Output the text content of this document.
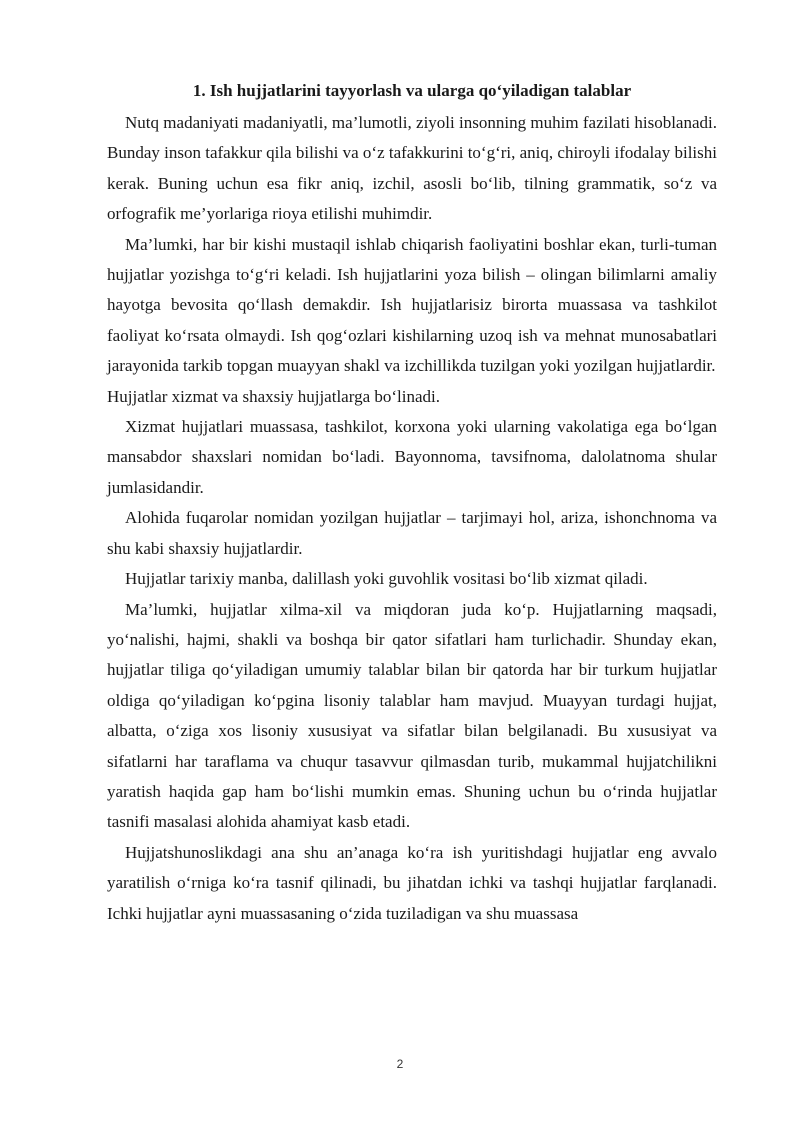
1. Ish hujjatlarini tayyorlash va ularga qo‘yiladigan talablar

Nutq madaniyati madaniyatli, ma’lumotli, ziyoli insonning muhim fazilati hisoblanadi. Bunday inson tafakkur qila bilishi va o‘z tafakkurini to‘g‘ri, aniq, chiroyli ifodalay bilishi kerak. Buning uchun esa fikr aniq, izchil, asosli bo‘lib, tilning grammatik, so‘z va orfografik me’yorlariga rioya etilishi muhimdir.

Ma’lumki, har bir kishi mustaqil ishlab chiqarish faoliyatini boshlar ekan, turli-tuman hujjatlar yozishga to‘g‘ri keladi. Ish hujjatlarini yoza bilish – olingan bilimlarni amaliy hayotga bevosita qo‘llash demakdir. Ish hujjatlarisiz birorta muassasa va tashkilot faoliyat ko‘rsata olmaydi. Ish qog‘ozlari kishilarning uzoq ish va mehnat munosabatlari jarayonida tarkib topgan muayyan shakl va izchillikda tuzilgan yoki yozilgan hujjatlardir.

Hujjatlar xizmat va shaxsiy hujjatlarga bo‘linadi.

Xizmat hujjatlari muassasa, tashkilot, korxona yoki ularning vakolatiga ega bo‘lgan mansabdor shaxslari nomidan bo‘ladi. Bayonnoma, tavsifnoma, dalolatnoma shular jumlasidandir.

Alohida fuqarolar nomidan yozilgan hujjatlar – tarjimayi hol, ariza, ishonchnoma va shu kabi shaxsiy hujjatlardir.

Hujjatlar tarixiy manba, dalillash yoki guvohlik vositasi bo‘lib xizmat qiladi.

Ma’lumki, hujjatlar xilma-xil va miqdoran juda ko‘p. Hujjatlarning maqsadi, yo‘nalishi, hajmi, shakli va boshqa bir qator sifatlari ham turlichadir. Shunday ekan, hujjatlar tiliga qo‘yiladigan umumiy talablar bilan bir qatorda har bir turkum hujjatlar oldiga qo‘yiladigan ko‘pgina lisoniy talablar ham mavjud. Muayyan turdagi hujjat, albatta, o‘ziga xos lisoniy xususiyat va sifatlar bilan belgilanadi. Bu xususiyat va sifatlarni har taraflama va chuqur tasavvur qilmasdan turib, mukammal hujjatchilikni yaratish haqida gap ham bo‘lishi mumkin emas. Shuning uchun bu o‘rinda hujjatlar tasnifi masalasi alohida ahamiyat kasb etadi.

Hujjatshunoslikdagi ana shu an’anaga ko‘ra ish yuritishdagi hujjatlar eng avvalo yaratilish o‘rniga ko‘ra tasnif qilinadi, bu jihatdan ichki va tashqi hujjatlar farqlanadi. Ichki hujjatlar ayni muassasaning o‘zida tuziladigan va shu muassasa

2
